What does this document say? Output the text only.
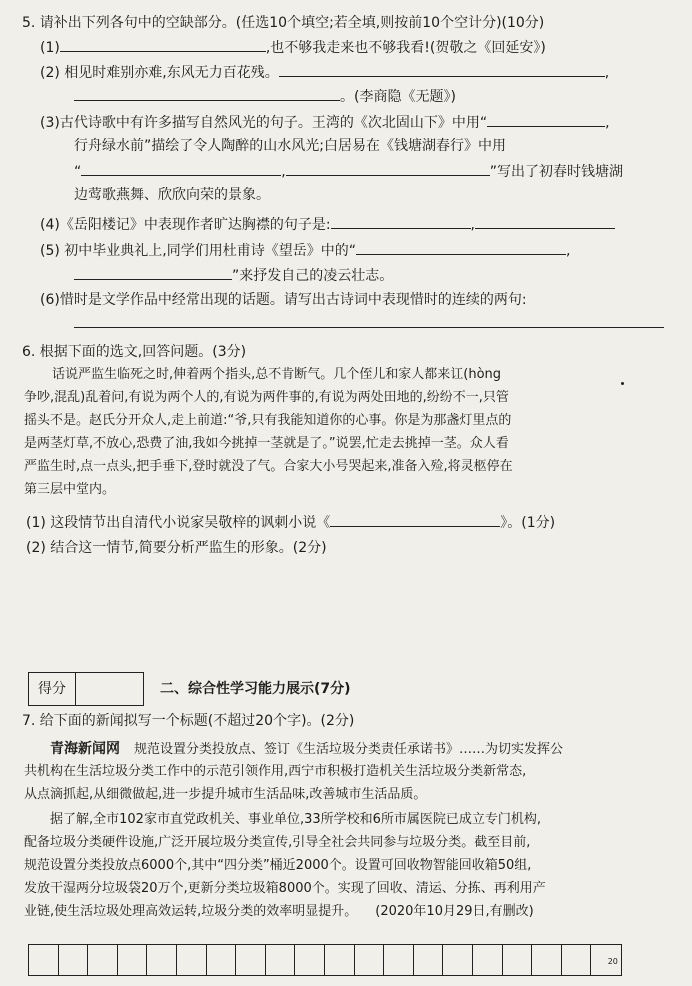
5. 请补出下列各句中的空缺部分。(任选10个填空;若全填,则按前10个空计分)(10分)
(1)	,也不够我走来也不够我看!(贺敬之《回延安》)
(2) 相见时难别亦难,东风无力百花残。	,
。(李商隐《无题》)
(3)古代诗歌中有许多描写自然风光的句子。王湾的《次北固山下》中用“	,
行舟绿水前”描绘了令人陶醉的山水风光;白居易在《钱塘湖春行》中用
“	,	”写出了初春时钱塘湖
边莺歌燕舞、欣欣向荣的景象。
(4)《岳阳楼记》中表现作者旷达胸襟的句子是:	,
(5) 初中毕业典礼上,同学们用杜甫诗《望岳》中的“	,
”来抒发自己的凌云壮志。
(6)惜时是文学作品中经常出现的话题。请写出古诗词中表现惜时的连续的两句:
6. 根据下面的选文,回答问题。(3分)
话说严监生临死之时,伸着两个指头,总不肯断气。几个侄儿和家人都来讧(hòng
争吵,混乱)乱着问,有说为两个人的,有说为两件事的,有说为两处田地的,纷纷不一,只管
摇头不是。赵氏分开众人,走上前道:“爷,只有我能知道你的心事。你是为那盏灯里点的
是两茎灯草,不放心,恐费了油,我如今挑掉一茎就是了。”说罢,忙走去挑掉一茎。众人看
严监生时,点一点头,把手垂下,登时就没了气。合家大小号哭起来,准备入殓,将灵柩停在
第三层中堂内。
(1) 这段情节出自清代小说家吴敬梓的讽刺小说《	》。(1分)
(2) 结合这一情节,简要分析严监生的形象。(2分)
得分	二、综合性学习能力展示(7分)
7. 给下面的新闻拟写一个标题(不超过20个字)。(2分)
青海新闻网 规范设置分类投放点、签订《生活垃圾分类责任承诺书》……为切实发挥公
共机构在生活垃圾分类工作中的示范引领作用,西宁市积极打造机关生活垃圾分类新常态,
从点滴抓起,从细微做起,进一步提升城市生活品味,改善城市生活品质。
据了解,全市102家市直党政机关、事业单位,33所学校和6所市属医院已成立专门机构,
配备垃圾分类硬件设施,广泛开展垃圾分类宣传,引导全社会共同参与垃圾分类。截至目前,
规范设置分类投放点6000个,其中“四分类”桶近2000个。设置可回收物智能回收箱50组,
发放干湿两分垃圾袋20万个,更新分类垃圾箱8000个。实现了回收、清运、分拣、再利用产
业链,使生活垃圾处理高效运转,垃圾分类的效率明显提升。 (2020年10月29日,有删改)
20
